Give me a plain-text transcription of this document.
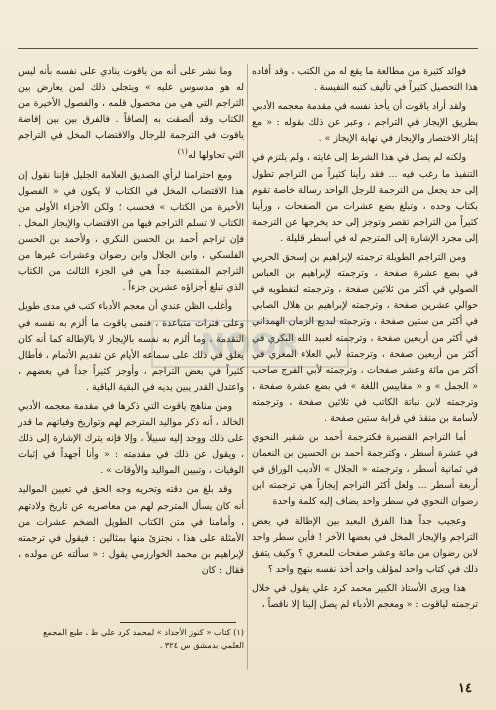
فوائد كثيرة من مطالعة ما يقع له من الكتب ، وقد أفاده هذا التحصيل كثيراً في تأليف كتبه النفيسة .

ولقد أراد ياقوت أن يأخذ نفسه في مقدمة معجمه الأدبي بطريق الإيجاز في التراجم ، وعبر عن ذلك بقوله : « مع إيثار الاختصار والإيجاز في نهاية الإيجاز » .

ولكنه لم يصل في هذا الشرط إلى غايته ، ولم يلتزم في التنفيذ ما رغب فيه ... فقد رأينا كثيراً من التراجم تطول إلى حد يجعل من الترجمة للرجل الواحد رسالة خاصة تقوم بكتاب وحده ، وتبلغ بضع عشرات من الصفحات ، ورأينا كثيراً من التراجم تقصر وتوجز إلى حد يخرجها عن الترجمة إلى مجرد الإشارة إلى المترجم له في أسطر قليلة .

ومن التراجم الطويلة ترجمته لإبراهيم بن إسحق الحربي في بضع عشرة صفحة ، وترجمته لإبراهيم بن العباس الصولي في أكثر من ثلاثين صفحة ، وترجمته لنفطويه في حوالي عشرين صفحة ، وترجمته لإبراهيم بن هلال الصابي في أكثر من ستين صفحة ، وترجمته لبديع الزمان الهمذاني في أكثر من أربعين صفحة ، وترجمته لعبيد الله البكري في أكثر من أربعين صفحة ، وترجمته لأبي العلاء المعري في أكثر من مائة وعشر صفحات ، وترجمته لأبي الفرج صاحب « الجمل » و « مقاييس اللغة » في بضع عشرة صفحة ، وترجمته لابن نباتة الكاتب في ثلاثين صفحة ، وترجمته لأسامة بن منقذ في قرابة ستين صفحة .

أما التراجم القصيرة فكترجمة أحمد بن شقير النحوي في عشرة أسطر ، وكترجمة أحمد بن الحسين بن النعمان في ثمانية أسطر ، وترجمته « الجلال » الأديب الوراق في أربعة أسطر ... ولعل أكثر التراجم إيجازاً هي ترجمته ابن رضوان النحوي في سطر واحد يضاف إليه كلمة واحدة

وعجيب جداً هذا الفرق البعيد بين الإطالة في بعض التراجم والإيجاز المخل في بعضها الآخر ! فأين سطر واحد لابن رضوان من مائة وعشر صفحات للمعري ؟ وكيف يتفق ذلك في كتاب واحد لمؤلف واحد أخذ نفسه بنهج واحد ؟

هذا ويرى الأستاذ الكبير محمد كرد علي يقول في خلال ترجمته لياقوت : « ومعجم الأدباء لم يصل إلينا إلا ناقصاً ،

وما نشر على أنه من ياقوت ينادي على نفسه بأنه ليس له هو مدسوس عليه » ويتجلى ذلك لمن يعارض بين التراجم التي هي من محصول قلمه ، والفصول الأخيرة من الكتاب وقد ألصقت به إلصاقاً . فالفرق بين بين إفاضة ياقوت في الترجمة للرجال والاقتضاب المخل في التراجم التي تحاولها له$^{(١)}$

ومع احترامنا لرأي الصديق العلامة الجليل فإننا نقول إن هذا الاقتضاب المخل في الكتاب لا يكون في « الفصول الأخيرة من الكتاب » فحسب ؛ ولكن الأجزاء الأولى من الكتاب لا تسلم التراجم فيها من الاقتضاب والإيجاز المخل . فإن تراجم أحمد بن الحسن النكري ، ولأحمد بن الحسن الفلسكي ، وابن الجلال وابن رضوان وعشرات غيرها من التراجم المقتضبة جداً هي في الجزء الثالث من الكتاب الذي تبلغ أجزاؤه عشرين جزءاً .

وأغلب الظن عندي أن معجم الأدباء كتب في مدى طويل وعلى فترات متباعدة ، فنمى ياقوت ما ألزم به نفسه في التقدمة ، وما ألزم به نفسه بالإيجاز لا بالإطالة كما أنه كان يعلق في ذلك على سماعه الأيام عن تقديم الأتمام ، فأطال كثيراً في بعض التراجم ، وأوجز كثيراً جداً في بعضهم ، واعتدل القدر يبين يديه في البقية الباقية .

ومن مناهج ياقوت التي ذكرها في مقدمة معجمه الأدبي الخالد ، أنه ذكر مواليد المترجم لهم وتواريخ وفياتهم ما قدر على ذلك ووجد إليه سبيلاً ، وإلا فإنه يترك الإشارة إلى ذلك ، ويقول عن ذلك في مقدمته : « وأنا أجهداً في إثبات الوفيات ، وتبيين المواليد والأوقات » .

وقد بلغ من دقته وتحريه وجه الحق في تعيين المواليد أنه كان يسأل المترجم لهم من معاصريه عن تاريخ ولادتهم ، وأمامنا في متن الكتاب الطويل الضخم عشرات من الأمثلة على هذا ، نجتزئ منها بمثالين : فيقول في ترجمته لإبراهيم بن محمد الخوارزمي يقول : « سألته عن مولده ، فقال : كان

NOOR
(١) كتاب « كنوز الأجداد » لمحمد كرد علي ط ، طبع المجمع العلمي بدمشق س ٣٢٤ .
١٤
